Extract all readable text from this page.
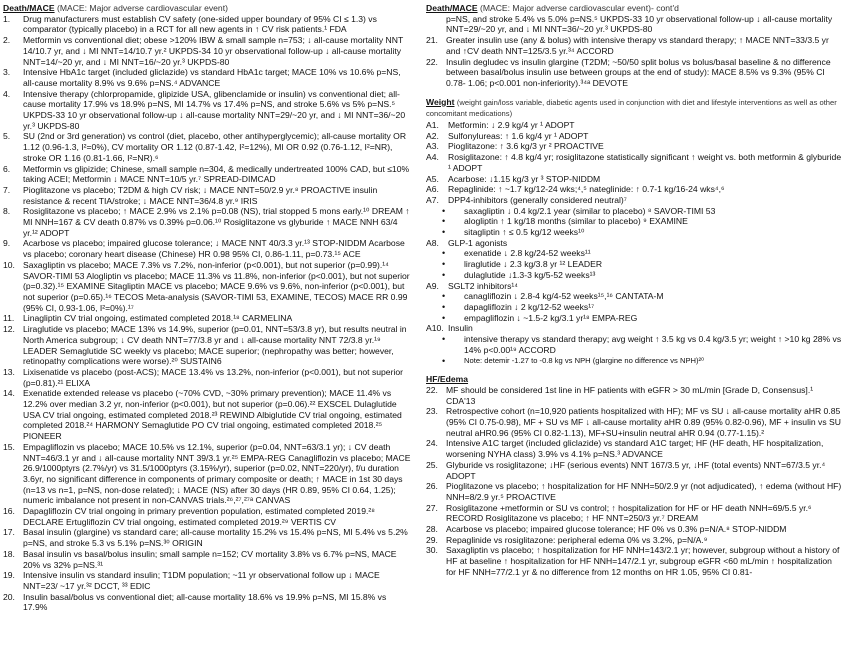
Death/MACE (MACE: Major adverse cardiovascular event)
1.	Drug manufacturers must establish CV safety (one-sided upper boundary of 95% CI ≤ 1.3) vs comparator (typically placebo) in a RCT for all new agents in ↑ CV risk patients.¹ FDA
2.	Metformin vs conventional diet; obese >120% IBW & small sample n=753; ↓ all-cause mortality NNT 14/10.7 yr, and ↓ MI NNT=14/10.7 yr.² UKPDS-34 10 yr observational follow-up ↓ all-cause mortality NNT=14/~20 yr, and ↓ MI NNT=16/~20 yr.³ UKPDS-80
3.	Intensive HbA1c target (included gliclazide) vs standard HbA1c target; MACE 10% vs 10.6% p=NS, all-cause mortality 8.9% vs 9.6% p=NS.⁴ ADVANCE
4.	Intensive therapy (chlorpropamide, glipizide USA, glibenclamide or insulin) vs conventional diet; all-cause mortality 17.9% vs 18.9% p=NS, MI 14.7% vs 17.4% p=NS, and stroke 5.6% vs 5% p=NS.⁵ UKPDS-33 10 yr observational follow-up ↓ all-cause mortality NNT=29/~20 yr, and ↓ MI NNT=36/~20 yr.³ UKPDS-80
5.	SU (2nd or 3rd generation) vs control (diet, placebo, other antihyperglycemic); all-cause mortality OR 1.12 (0.96-1.3, I²=0%), CV mortality OR 1.12 (0.87-1.42, I²=12%), MI OR 0.92 (0.76-1.12, I²=NR), stroke OR 1.16 (0.81-1.66, I²=NR).⁶
6.	Metformin vs glipizide; Chinese, small sample n=304, & medically undertreated 100% CAD, but ≤10% taking ACEI; Metformin ↓ MACE NNT=10/5 yr.⁷ SPREAD-DIMCAD
7.	Pioglitazone vs placebo; T2DM & high CV risk; ↓ MACE NNT=50/2.9 yr.⁸ PROACTIVE insulin resistance & recent TIA/stroke; ↓ MACE NNT=36/4.8 yr.⁹ IRIS
8.	Rosiglitazone vs placebo; ↑ MACE 2.9% vs 2.1% p=0.08 (NS), trial stopped 5 mons early.¹⁰ DREAM ↑ MI NNH=167 & CV death 0.87% vs 0.39% p=0.06.¹⁰ Rosiglitazone vs glyburide ↑ MACE NNH 63/4 yr.¹² ADOPT
9.	Acarbose vs placebo; impaired glucose tolerance; ↓ MACE NNT 40/3.3 yr.¹³ STOP-NIDDM Acarbose vs placebo; coronary heart disease (Chinese) HR 0.98 95% CI, 0.86-1.11, p=0.73.¹⁵ ACE
10. Saxagliptin vs placebo; MACE 7.3% vs 7.2%, non-inferior (p<0.001), but not superior (p=0.99).¹⁴ SAVOR-TIMI 53 Alogliptin vs placebo; MACE 11.3% vs 11.8%, non-inferior (p<0.001), but not superior (p=0.32).¹⁵ EXAMINE Sitagliptin MACE vs placebo; MACE 9.6% vs 9.6%, non-inferior (p<0.001), but not superior (p=0.65).¹⁶ TECOS Meta-analysis (SAVOR-TIMI 53, EXAMINE, TECOS) MACE RR 0.99 (95% CI, 0.93-1.06, I²=0%).¹⁷
11.	Linagliptin CV trial ongoing, estimated completed 2018.¹⁸ CARMELINA
12. Liraglutide vs placebo; MACE 13% vs 14.9%, superior (p=0.01, NNT=53/3.8 yr), but results neutral in North America subgroup; ↓ CV death NNT=77/3.8 yr and ↓ all-cause mortality NNT 72/3.8 yr.¹⁹ LEADER Semaglutide SC weekly vs placebo; MACE superior; (nephropathy was better; however, retinopathy complications were worse).²⁰ SUSTAIN6
13. Lixisenatide vs placebo (post-ACS); MACE 13.4% vs 13.2%, non-inferior (p<0.001), but not superior (p=0.81).²¹ ELIXA
14. Exenatide extended release vs placebo (~70% CVD, ~30% primary prevention); MACE 11.4% vs 12.2% over median 3.2 yr, non-inferior (p<0.001), but not superior (p=0.06).²² EXSCEL Dulaglutide USA CV trial ongoing, estimated completed 2018.²³ REWIND Albiglutide CV trial ongoing, estimated completed 2018.²⁴ HARMONY Semaglutide PO CV trial ongoing, estimated completed 2018.²⁵ PIONEER
15. Empagliflozin vs placebo; MACE 10.5% vs 12.1%, superior (p=0.04, NNT=63/3.1 yr); ↓ CV death NNT=46/3.1 yr and ↓ all-cause mortality NNT 39/3.1 yr.²⁵ EMPA-REG Canagliflozin vs placebo; MACE 26.9/1000ptyrs (2.7%/yr) vs 31.5/1000ptyrs (3.15%/yr), superior (p=0.02, NNT=220/yr), f/u duration 3.6yr, no significant difference in components of primary composite or death; ↑ MACE in 1st 30 days (n=13 vs n=1, p=NS, non-dose related); ↓ MACE (NS) after 30 days (HR 0.89, 95% CI 0.64, 1.25); numeric imbalance not present in non-CANVAS trials.²⁶,²⁷,²⁷ᵃ CANVAS
16. Dapagliflozin CV trial ongoing in primary prevention population, estimated completed 2019.²⁸ DECLARE Ertugliflozin CV trial ongoing, estimated completed 2019.²⁹ VERTIS CV
17. Basal insulin (glargine) vs standard care; all-cause mortality 15.2% vs 15.4% p=NS, MI 5.4% vs 5.2% p=NS, and stroke 5.3 vs 5.1% p=NS.³⁰ ORIGIN
18. Basal insulin vs basal/bolus insulin; small sample n=152; CV mortality 3.8% vs 6.7% p=NS, MACE 20% vs 32% p=NS.³¹
19. Intensive insulin vs standard insulin; T1DM population; ~11 yr observational follow up ↓ MACE NNT=23/ ~17 yr.³² DCCT, ³³ EDIC
20. Insulin basal/bolus vs conventional diet; all-cause mortality 18.6% vs 19.9% p=NS, MI 15.8% vs 17.9%
Death/MACE (MACE: Major adverse cardiovascular event)- cont'd
p=NS, and stroke 5.4% vs 5.0% p=NS.⁵ UKPDS-33 10 yr observational follow-up ↓ all-cause mortality NNT=29/~20 yr, and ↓ MI NNT=36/~20 yr.³ UKPDS-80
21. Greater insulin use (any & bolus) with intensive therapy vs standard therapy; ↑ MACE NNT=33/3.5 yr and ↑CV death NNT=125/3.5 yr.³⁴ ACCORD
22. Insulin degludec vs insulin glargine (T2DM; ~50/50 split bolus vs bolus/basal baseline & no difference between basal/bolus insulin use between groups at the end of study): MACE 8.5% vs 9.3% (95% CI 0.78- 1.06; p<0.001 non-inferiority).³⁴ᵃ DEVOTE
Weight (weight gain/loss variable, diabetic agents used in conjunction with diet and lifestyle interventions as well as other concomitant medications)
A1.	Metformin: ↓ 2.9 kg/4 yr ¹ ADOPT
A2.	Sulfonylureas: ↑ 1.6 kg/4 yr ¹ ADOPT
A3.	Pioglitazone: ↑ 3.6 kg/3 yr ² PROACTIVE
A4.	Rosiglitazone: ↑ 4.8 kg/4 yr; rosiglitazone statistically significant ↑ weight vs. both metformin & glyburide ¹ ADOPT
A5.	Acarbose: ↓1.15 kg/3 yr ³ STOP-NIDDM
A6.	Repaglinide: ↑ ~1.7 kg/12-24 wks;⁴,⁵ nateglinide: ↑ 0.7-1 kg/16-24 wks⁴,⁶
A7.	DPP4-inhibitors (generally considered neutral)⁷
•	saxagliptin ↓ 0.4 kg/2.1 year (similar to placebo) ⁸ SAVOR-TIMI 53
•	alogliptin ↑ 1 kg/18 months (similar to placebo) ⁹ EXAMINE
•	sitagliptin ↑ ≤ 0.5 kg/12 weeks¹⁰
A8.	GLP-1 agonists
•	exenatide ↓ 2.8 kg/24-52 weeks¹¹
•	liraglutide ↓ 2.3 kg/3.8 yr ¹² LEADER
•	dulaglutide ↓1.3-3 kg/5-52 weeks¹³
A9.	SGLT2 inhibitors¹⁴
•	canagliflozin ↓ 2.8-4 kg/4-52 weeks¹⁵,¹⁶ CANTATA-M
•	dapagliflozin ↓ 2 kg/12-52 weeks¹⁷
•	empagliflozin ↓ ~1.5-2 kg/3.1 yr¹⁸ EMPA-REG
A10. Insulin
•	intensive therapy vs standard therapy; avg weight ↑ 3.5 kg vs 0.4 kg/3.5 yr; weight ↑ >10 kg 28% vs 14% p<0.00¹⁹ ACCORD
•	Note: detemir -1.27 to -0.8 kg vs NPH (glargine no difference vs NPH)²⁰
HF/Edema
22. MF should be considered 1st line in HF patients with eGFR > 30 mL/min [Grade D, Consensus].¹ CDA'13
23. Retrospective cohort (n=10,920 patients hospitalized with HF); MF vs SU ↓ all-cause mortality aHR 0.85 (95% CI 0.75-0.98), MF + SU vs MF ↓ all-cause mortality aHR 0.89 (95% 0.82-0.96), MF + insulin vs SU neutral aHR0.96 (95% CI 0.82-1.13), MF+SU+insulin neutral aHR 0.94 (0.77-1.15).²
24. Intensive A1C target (included gliclazide) vs standard A1C target; HF (HF death, HF hospitalization, worsening NYHA class) 3.9% vs 4.1% p=NS.³ ADVANCE
25. Glyburide vs rosiglitazone; ↓HF (serious events) NNT 167/3.5 yr, ↓HF (total events) NNT=67/3.5 yr.⁴ ADOPT
26. Pioglitazone vs placebo; ↑ hospitalization for HF NNH=50/2.9 yr (not adjudicated), ↑ edema (without HF) NNH=8/2.9 yr.⁵ PROACTIVE
27. Rosiglitazone +metformin or SU vs control; ↑ hospitalization for HF or HF death NNH=69/5.5 yr.⁶ RECORD Rosiglitazone vs placebo; ↑ HF NNT=250/3 yr.⁷ DREAM
28. Acarbose vs placebo; impaired glucose tolerance; HF 0% vs 0.3% p=N/A.⁸ STOP-NIDDM
29. Repaglinide vs rosiglitazone: peripheral edema 0% vs 3.2%, p=N/A.⁹
30. Saxagliptin vs placebo; ↑ hospitalization for HF NNH=143/2.1 yr; however, subgroup without a history of HF at baseline ↑ hospitalization for HF NNH=147/2.1 yr, subgroup eGFR <60 mL/min ↑ hospitalization for HF NNH=77/2.1 yr & no difference from 12 months on HR 1.05, 95% CI 0.81-
